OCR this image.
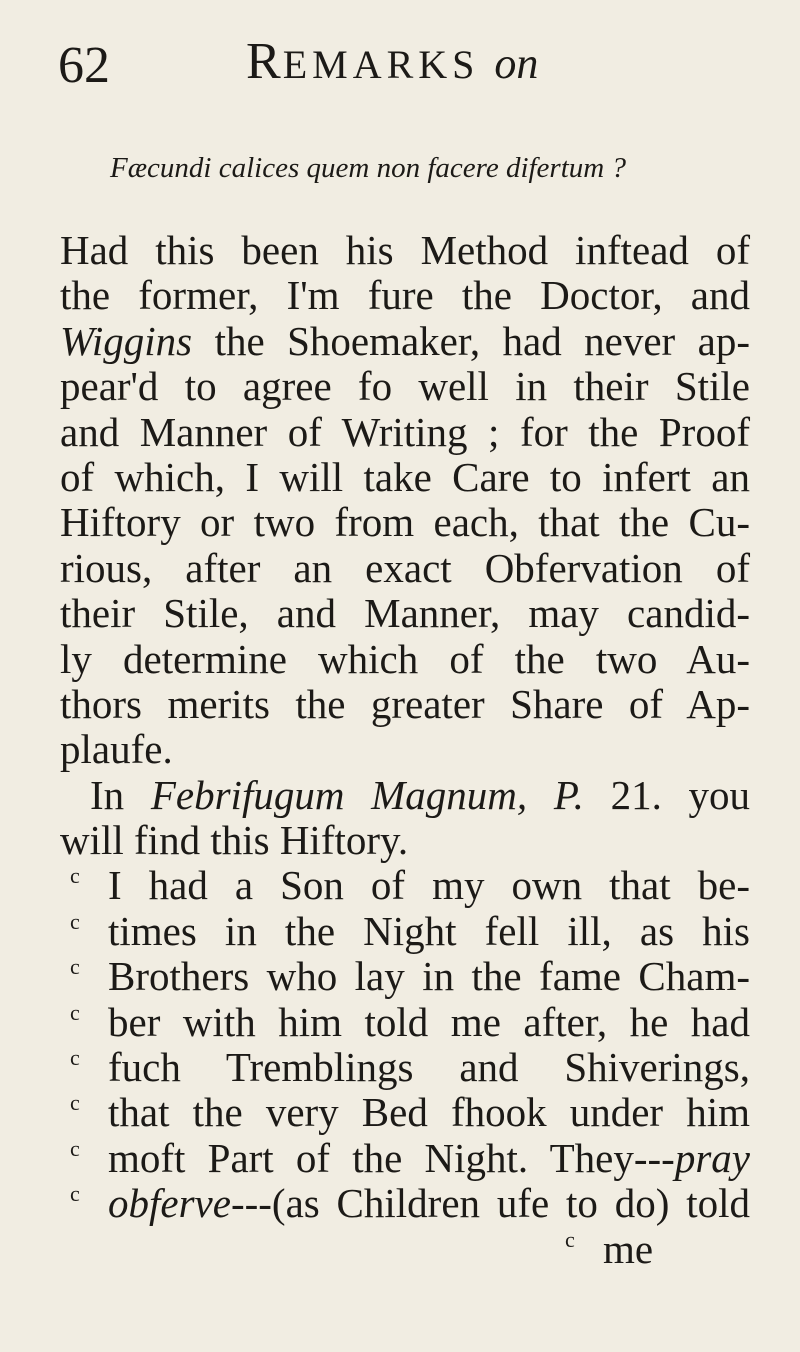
62	REMARKS on
Fæcundi calices quem non facere difertum ?
Had this been his Method inftead of
the former, I'm fure the Doctor, and
Wiggins the Shoemaker, had never ap-
pear'd to agree fo well in their Stile
and Manner of Writing ; for the Proof
of which, I will take Care to infert an
Hiftory or two from each, that the Cu-
rious, after an exact Obfervation of
their Stile, and Manner, may candid-
ly determine which of the two Au-
thors merits the greater Share of Ap-
plaufe.
In Febrifugum Magnum, P. 21. you
will find this Hiftory.
c I had a Son of my own that be-
c times in the Night fell ill, as his
c Brothers who lay in the fame Cham-
c ber with him told me after, he had
c fuch Tremblings and Shiverings,
c that the very Bed fhook under him
c moft Part of the Night. They---pray
c obferve---(as Children ufe to do) told
c me
